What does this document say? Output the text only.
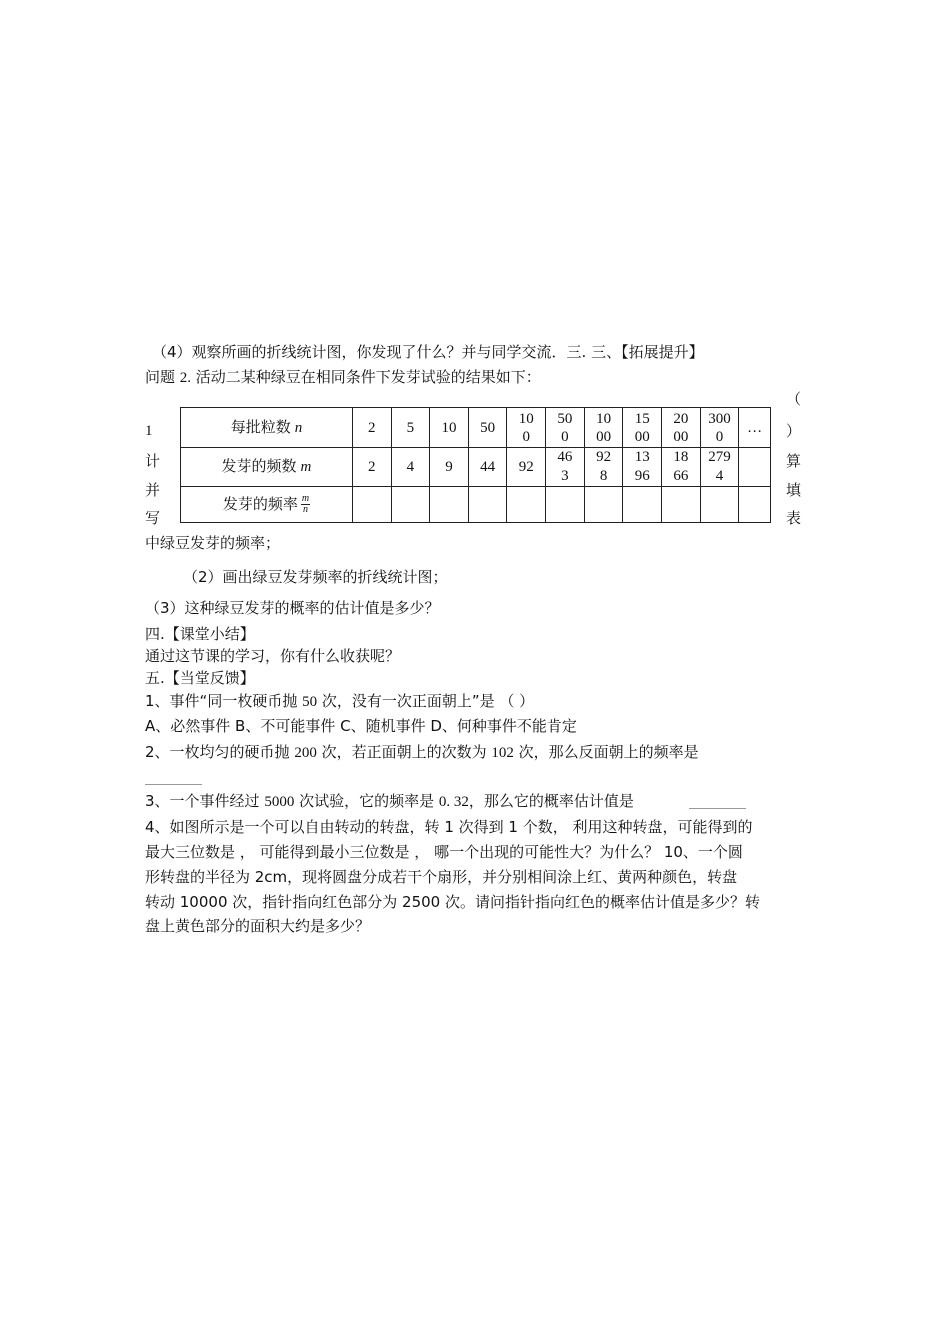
（4）观察所画的折线统计图，你发现了什么？并与同学交流．三. 三、【拓展提升】
问题 2. 活动二某种绿豆在相同条件下发芽试验的结果如下：
1
计
并
写
（
）
算
填
表
每批粒数 n	2	5	10	50	100	500	1000	1500	2000	3000	…
发芽的频数 m	2	4	9	44	92	463	928	1396	1866	2794	
发芽的频率 $\frac{m}{n}$

中绿豆发芽的频率；
（2）画出绿豆发芽频率的折线统计图；
（3）这种绿豆发芽的概率的估计值是多少？
四.【课堂小结】
通过这节课的学习，你有什么收获呢？
五.【当堂反馈】
1、事件“同一枚硬币抛 50 次，没有一次正面朝上”是 （ ）
A、必然事件 B、不可能事件 C、随机事件 D、何种事件不能肯定
2、一枚均匀的硬币抛 200 次，若正面朝上的次数为 102 次，那么反面朝上的频率是
3、一个事件经过 5000 次试验，它的频率是 0. 32，那么它的概率估计值是
4、如图所示是一个可以自由转动的转盘，转 1 次得到 1 个数， 利用这种转盘，可能得到的
最大三位数是 ， 可能得到最小三位数是 ， 哪一个出现的可能性大？为什么？ 10、一个圆
形转盘的半径为 2cm，现将圆盘分成若干个扇形，并分别相间涂上红、黄两种颜色，转盘
转动 10000 次，指针指向红色部分为 2500 次。请问指针指向红色的概率估计值是多少？转
盘上黄色部分的面积大约是多少？
